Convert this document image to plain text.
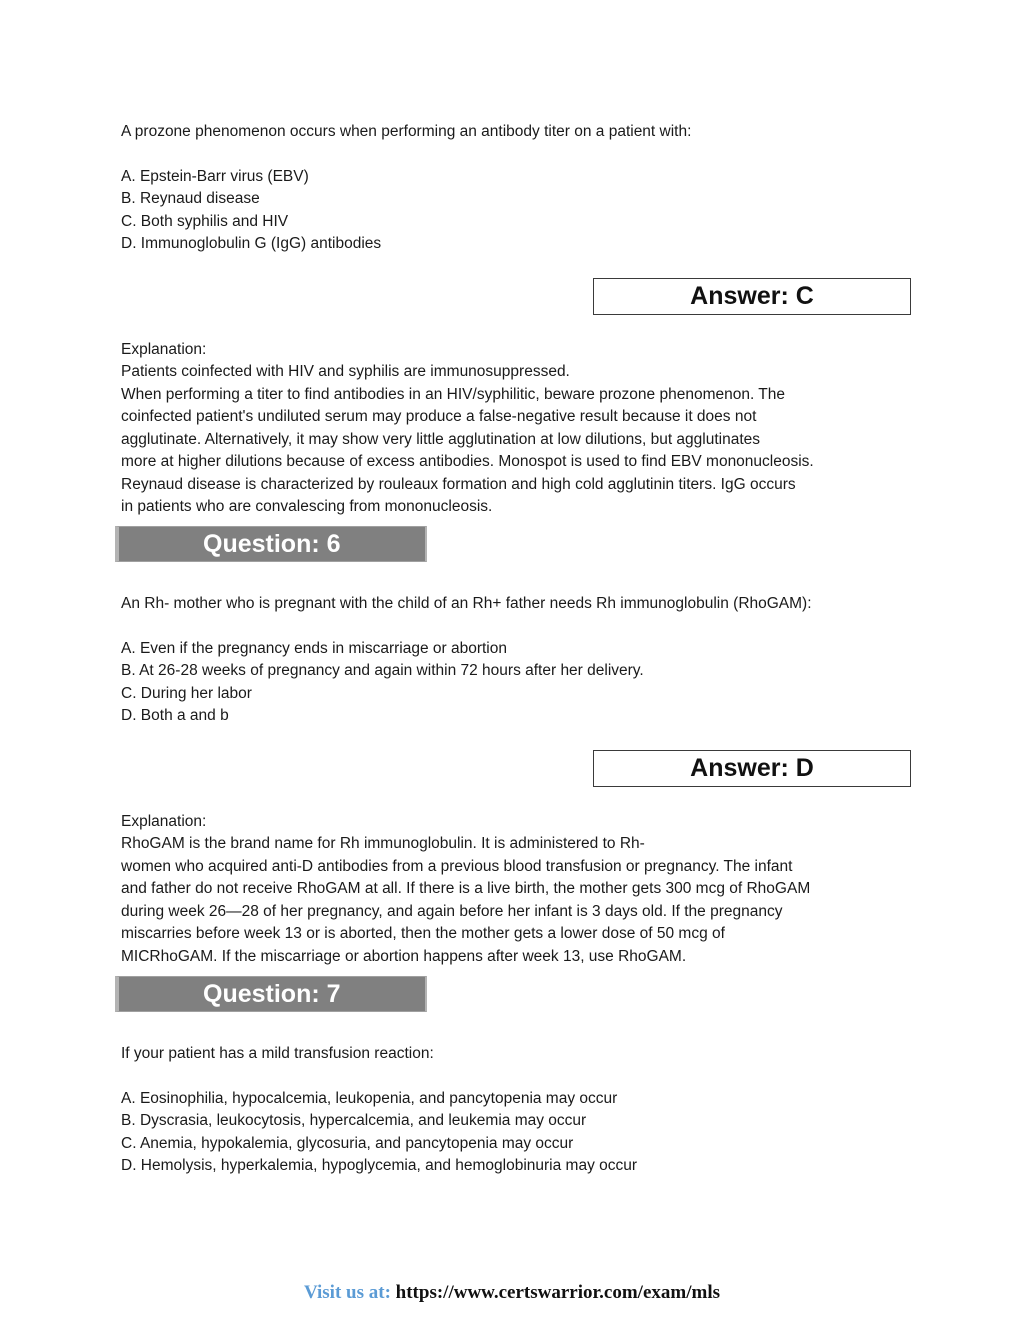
A prozone phenomenon occurs when performing an antibody titer on a patient with:
A. Epstein-Barr virus (EBV)
B. Reynaud disease
C. Both syphilis and HIV
D. Immunoglobulin G (IgG) antibodies
Answer: C
Explanation:
Patients coinfected with HIV and syphilis are immunosuppressed.
When performing a titer to find antibodies in an HIV/syphilitic, beware prozone phenomenon. The
coinfected patient's undiluted serum may produce a false-negative result because it does not
agglutinate. Alternatively, it may show very little agglutination at low dilutions, but agglutinates
more at higher dilutions because of excess antibodies. Monospot is used to find EBV mononucleosis.
Reynaud disease is characterized by rouleaux formation and high cold agglutinin titers. IgG occurs
in patients who are convalescing from mononucleosis.
Question: 6
An Rh- mother who is pregnant with the child of an Rh+ father needs Rh immunoglobulin (RhoGAM):
A. Even if the pregnancy ends in miscarriage or abortion
B. At 26-28 weeks of pregnancy and again within 72 hours after her delivery.
C. During her labor
D. Both a and b
Answer: D
Explanation:
RhoGAM is the brand name for Rh immunoglobulin. It is administered to Rh-
women who acquired anti-D antibodies from a previous blood transfusion or pregnancy. The infant
and father do not receive RhoGAM at all. If there is a live birth, the mother gets 300 mcg of RhoGAM
during week 26—28 of her pregnancy, and again before her infant is 3 days old. If the pregnancy
miscarries before week 13 or is aborted, then the mother gets a lower dose of 50 mcg of
MICRhoGAM. If the miscarriage or abortion happens after week 13, use RhoGAM.
Question: 7
If your patient has a mild transfusion reaction:
A. Eosinophilia, hypocalcemia, leukopenia, and pancytopenia may occur
B. Dyscrasia, leukocytosis, hypercalcemia, and leukemia may occur
C. Anemia, hypokalemia, glycosuria, and pancytopenia may occur
D. Hemolysis, hyperkalemia, hypoglycemia, and hemoglobinuria may occur
Visit us at: https://www.certswarrior.com/exam/mls
